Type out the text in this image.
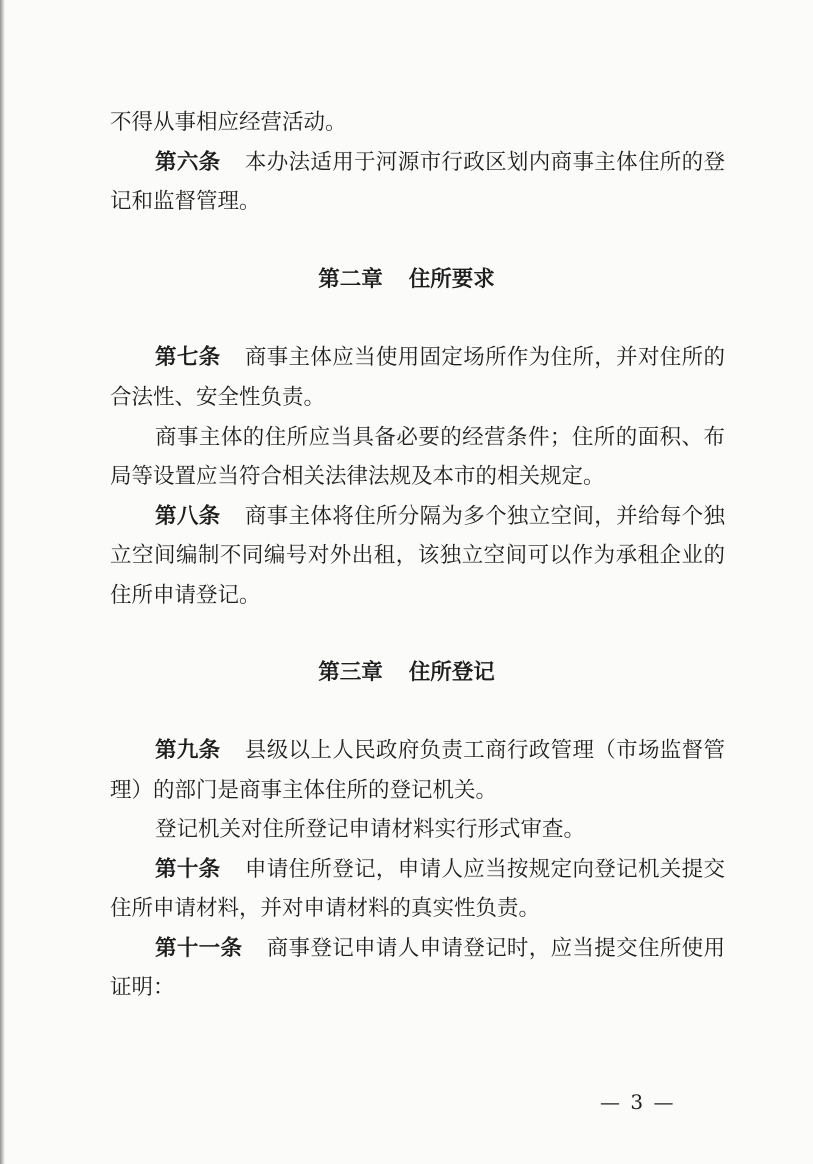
不得从事相应经营活动。
第六条 本办法适用于河源市行政区划内商事主体住所的登
记和监督管理。
第二章 住所要求
第七条 商事主体应当使用固定场所作为住所，并对住所的
合法性、安全性负责。
商事主体的住所应当具备必要的经营条件；住所的面积、布
局等设置应当符合相关法律法规及本市的相关规定。
第八条 商事主体将住所分隔为多个独立空间，并给每个独
立空间编制不同编号对外出租，该独立空间可以作为承租企业的
住所申请登记。
第三章 住所登记
第九条 县级以上人民政府负责工商行政管理（市场监督管
理）的部门是商事主体住所的登记机关。
登记机关对住所登记申请材料实行形式审查。
第十条 申请住所登记，申请人应当按规定向登记机关提交
住所申请材料，并对申请材料的真实性负责。
第十一条 商事登记申请人申请登记时，应当提交住所使用
证明：
— 3 —
